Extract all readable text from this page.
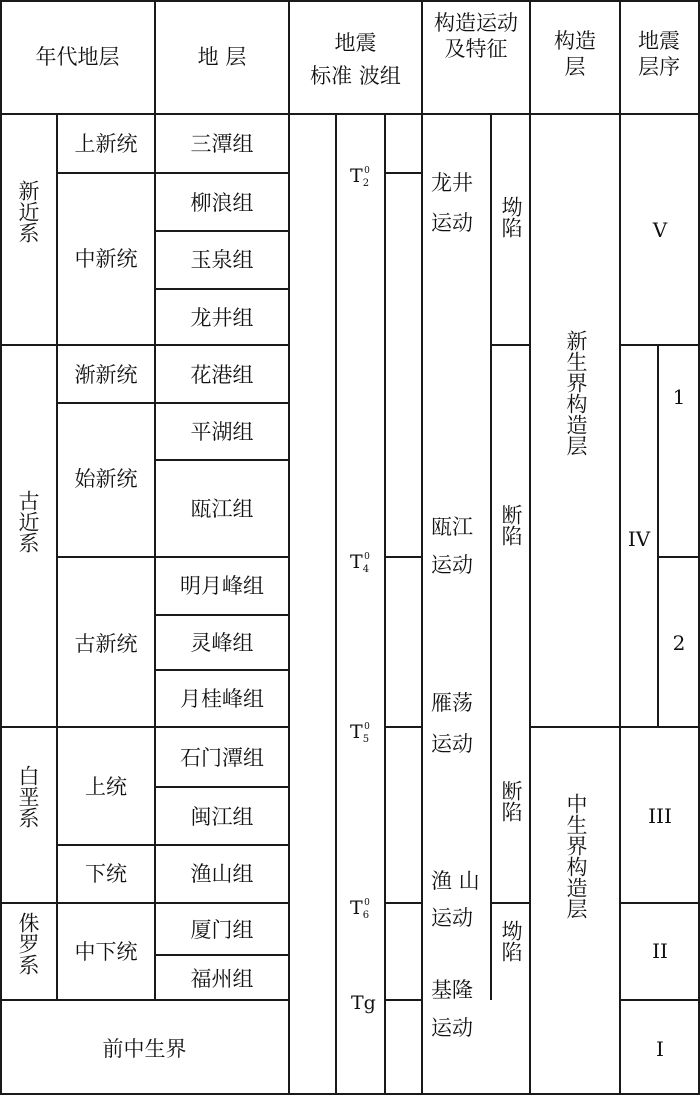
年代地层	地 层
地震
标准 波组
构造运动及特征	构造层
地震层序
新近系
古近系
白垩系
侏罗系
前中生界
上新统
中新统
渐新统
始新统
古新统
上统
下统
中下统
三潭组
柳浪组
玉泉组
龙井组
花港组
平湖组
瓯江组
明月峰组
灵峰组
月桂峰组
石门潭组
闽江组
渔山组
厦门组
福州组
$T_2^0$
$T_4^0$
$T_5^0$
$T_6^0$
Tg
龙井
运动
瓯江
运动
雁荡
运动
渔 山
运动
基隆
运动
坳陷
断陷
断陷
坳陷
新生界构造层
中生界构造层
V
IV
1
2
III
II
I
